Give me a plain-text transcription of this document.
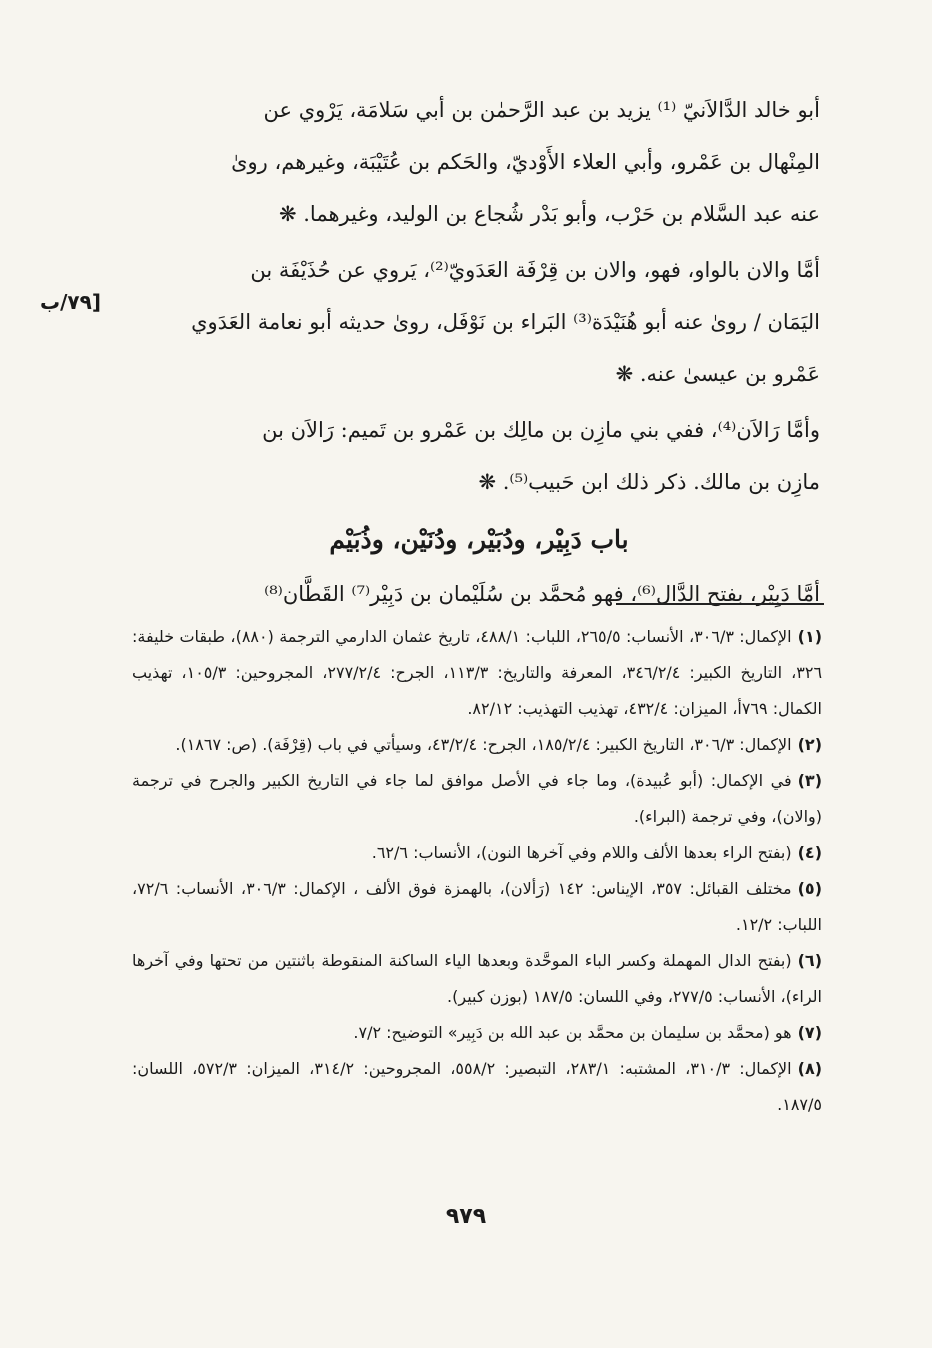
[٧٩/ب

أبو خالد الدَّالاَنيّ ⁽¹⁾ يزيد بن عبد الرَّحمٰن بن أبي سَلامَة، يَرْوي عن

المِنْهال بن عَمْرو، وأبي العلاء الأَوْديّ، والحَكم بن عُتَيْبَة، وغيرهم، روىٰ

عنه عبد السَّلام بن حَرْب، وأبو بَدْر شُجاع بن الوليد، وغيرهما. ❋

أمَّا والان بالواو، فهو، والان بن قِرْفَة العَدَويّ⁽²⁾، يَروي عن حُذَيْفَة بن

اليَمَان / روىٰ عنه أبو هُنَيْدَة⁽³⁾ البَراء بن نَوْفَل، روىٰ حديثه أبو نعامة العَدَوي

عَمْرو بن عيسىٰ عنه. ❋

وأمَّا رَالاَن⁽⁴⁾، ففي بني مازِن بن مالِك بن عَمْرو بن تَميم: رَالاَن بن

مازِن بن مالك. ذكر ذلك ابن حَبيب⁽⁵⁾. ❋

باب دَبِيْر، ودُبَيْر، ودُنَيْن، وذُبَيْم

أمَّا دَبِيْر، بفتح الدَّال⁽⁶⁾، فهو مُحمَّد بن سُلَيْمان بن دَبِيْر⁽⁷⁾ القَطَّان⁽⁸⁾

(١)الإكمال: ٣٠٦/٣، الأنساب: ٢٦٥/٥، اللباب: ٤٨٨/١، تاريخ عثمان الدارمي الترجمة (٨٨٠)، طبقات خليفة: ٣٢٦، التاريخ الكبير: ٣٤٦/٢/٤، المعرفة والتاريخ: ١١٣/٣، الجرح: ٢٧٧/٢/٤، المجروحين: ١٠٥/٣، تهذيب الكمال: ٧٦٩أ، الميزان: ٤٣٢/٤، تهذيب التهذيب: ٨٢/١٢.

(٢)الإكمال: ٣٠٦/٣، التاريخ الكبير: ١٨٥/٢/٤، الجرح: ٤٣/٢/٤، وسيأتي في باب (قِرْفَة). (ص: ١٨٦٧).

(٣)في الإكمال: (أبو عُبيدة)، وما جاء في الأصل موافق لما جاء في التاريخ الكبير والجرح في ترجمة (والان)، وفي ترجمة (البراء).

(٤)(بفتح الراء بعدها الألف واللام وفي آخرها النون)، الأنساب: ٦٢/٦.

(٥)مختلف القبائل: ٣٥٧، الإيناس: ١٤٢ (رَألان)، بالهمزة فوق الألف ، الإكمال: ٣٠٦/٣، الأنساب: ٧٢/٦، اللباب: ١٢/٢.

(٦)(بفتح الدال المهملة وكسر الباء الموحَّدة وبعدها الياء الساكنة المنقوطة باثنتين من تحتها وفي آخرها الراء)، الأنساب: ٢٧٧/٥، وفي اللسان: ١٨٧/٥ (بوزن كبير).

(٧)هو (محمَّد بن سليمان بن محمَّد بن عبد الله بن دَبِير» التوضيح: ٧/٢.

(٨)الإكمال: ٣١٠/٣، المشتبه: ٢٨٣/١، التبصير: ٥٥٨/٢، المجروحين: ٣١٤/٢، الميزان: ٥٧٢/٣، اللسان: ١٨٧/٥.

٩٧٩
